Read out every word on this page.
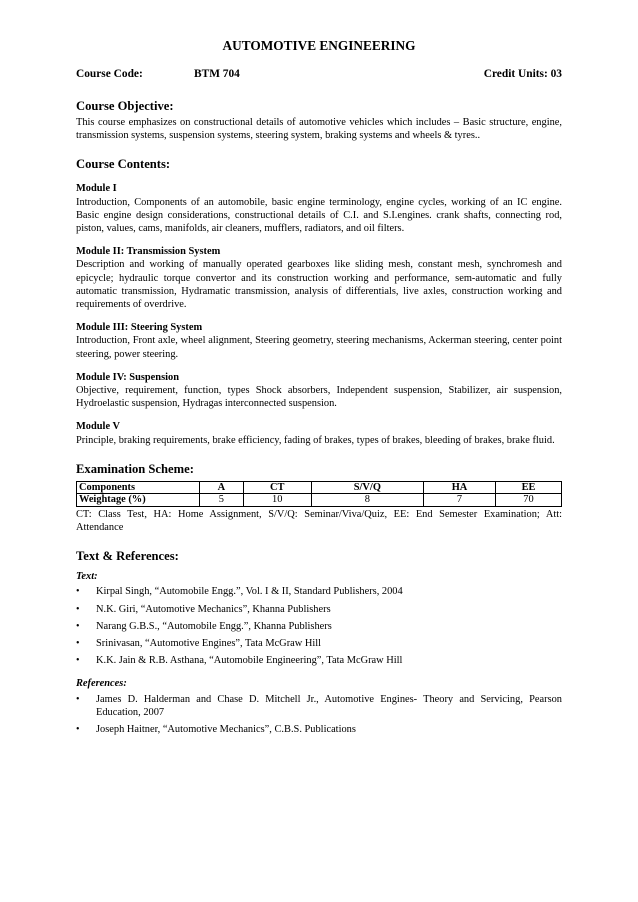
AUTOMOTIVE ENGINEERING
Course Code:	BTM 704	Credit Units: 03
Course Objective:

This course emphasizes on constructional details of automotive vehicles which includes – Basic structure, engine, transmission systems, suspension systems, steering system, braking systems and wheels & tyres..

Course Contents:
Module I

Introduction, Components of an automobile, basic engine terminology, engine cycles, working of an IC engine. Basic engine design considerations, constructional details of C.I. and S.I.engines. crank shafts, connecting rod, piston, values, cams, manifolds, air cleaners, mufflers, radiators, and oil filters.

Module II: Transmission System

Description and working of manually operated gearboxes like sliding mesh, constant mesh, synchromesh and epicycle; hydraulic torque convertor and its construction working and performance, sem-automatic and fully automatic transmission, Hydramatic transmission, analysis of differentials, live axles, construction working and requirements of overdrive.

Module III: Steering System

Introduction, Front axle, wheel alignment, Steering geometry, steering mechanisms, Ackerman steering, center point steering, power steering.

Module IV: Suspension

Objective, requirement, function, types Shock absorbers, Independent suspension, Stabilizer, air suspension, Hydroelastic suspension, Hydragas interconnected suspension.

Module V

Principle, braking requirements, brake efficiency, fading of brakes, types of brakes, bleeding of brakes, brake fluid.

Examination Scheme:
Components	A	CT	S/V/Q	HA	EE
Weightage (%)	5	10	8	7	70

CT: Class Test, HA: Home Assignment, S/V/Q: Seminar/Viva/Quiz, EE: End Semester Examination; Att: Attendance

Text & References:
Text:
• Kirpal Singh, “Automobile Engg.”, Vol. I & II, Standard Publishers, 2004
• N.K. Giri, “Automotive Mechanics”, Khanna Publishers
• Narang G.B.S., “Automobile Engg.”, Khanna Publishers
• Srinivasan, “Automotive Engines”, Tata McGraw Hill
• K.K. Jain & R.B. Asthana, “Automobile Engineering”, Tata McGraw Hill
References:
• James D. Halderman and Chase D. Mitchell Jr., Automotive Engines- Theory and Servicing, Pearson Education, 2007
• Joseph Haitner, “Automotive Mechanics”, C.B.S. Publications
